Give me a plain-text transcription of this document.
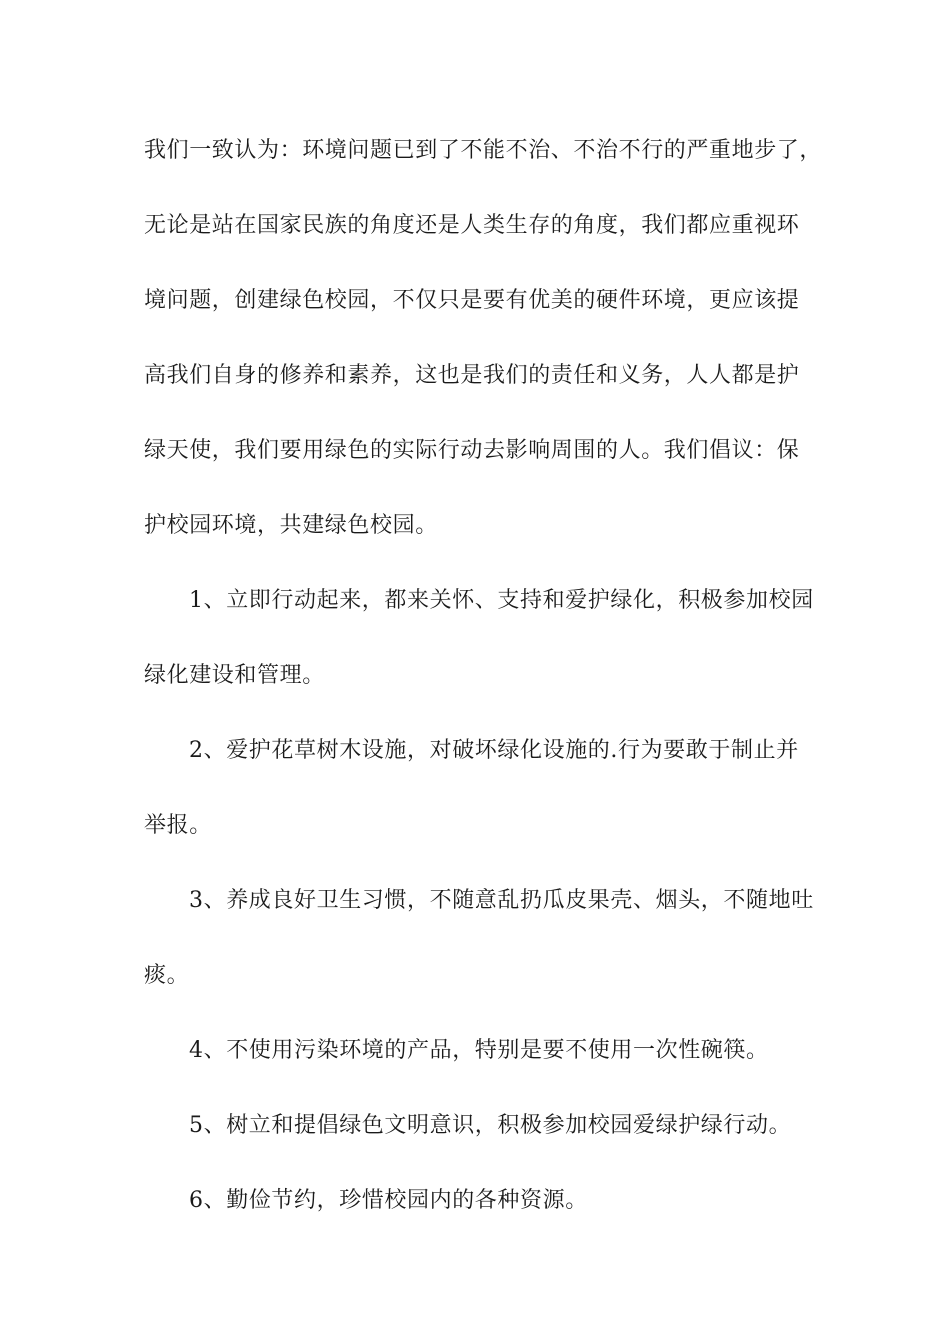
我们一致认为：环境问题已到了不能不治、不治不行的严重地步了，
无论是站在国家民族的角度还是人类生存的角度，我们都应重视环
境问题，创建绿色校园，不仅只是要有优美的硬件环境，更应该提
高我们自身的修养和素养，这也是我们的责任和义务，人人都是护
绿天使，我们要用绿色的实际行动去影响周围的人。我们倡议：保
护校园环境，共建绿色校园。
1、立即行动起来，都来关怀、支持和爱护绿化，积极参加校园
绿化建设和管理。
2、爱护花草树木设施，对破坏绿化设施的.行为要敢于制止并
举报。
3、养成良好卫生习惯，不随意乱扔瓜皮果壳、烟头，不随地吐
痰。
4、不使用污染环境的产品，特别是要不使用一次性碗筷。
5、树立和提倡绿色文明意识，积极参加校园爱绿护绿行动。
6、勤俭节约，珍惜校园内的各种资源。
